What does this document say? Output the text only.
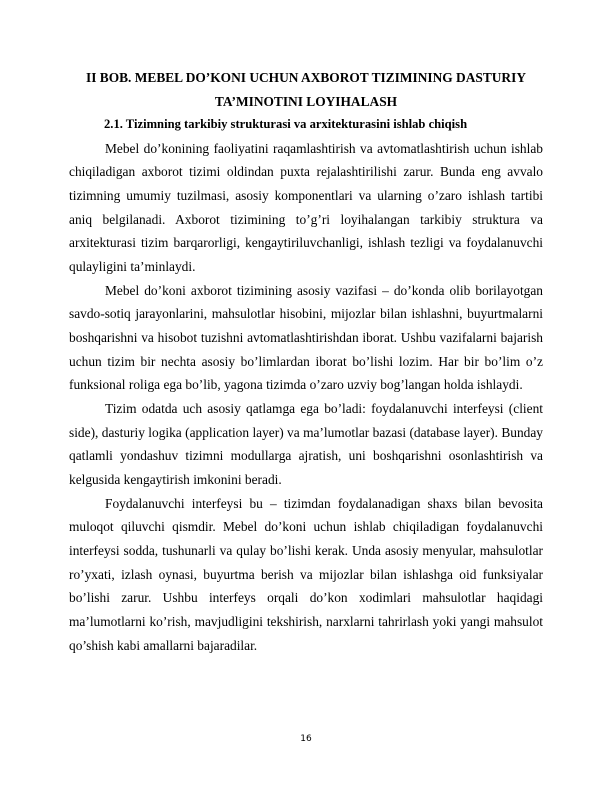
II BOB. MEBEL DO’KONI UCHUN AXBOROT TIZIMINING DASTURIY

TA’MINOTINI LOYIHALASH

2.1. Tizimning tarkibiy strukturasi va arxitekturasini ishlab chiqish

Mebel do’konining faoliyatini raqamlashtirish va avtomatlashtirish uchun ishlab chiqiladigan axborot tizimi oldindan puxta rejalashtirilishi zarur. Bunda eng avvalo tizimning umumiy tuzilmasi, asosiy komponentlari va ularning o’zaro ishlash tartibi aniq belgilanadi. Axborot tizimining to’g’ri loyihalangan tarkibiy struktura va arxitekturasi tizim barqarorligi, kengaytiriluvchanligi, ishlash tezligi va foydalanuvchi qulayligini ta’minlaydi.

Mebel do’koni axborot tizimining asosiy vazifasi – do’konda olib borilayotgan savdo-sotiq jarayonlarini, mahsulotlar hisobini, mijozlar bilan ishlashni, buyurtmalarni boshqarishni va hisobot tuzishni avtomatlashtirishdan iborat. Ushbu vazifalarni bajarish uchun tizim bir nechta asosiy bo’limlardan iborat bo’lishi lozim. Har bir bo’lim o’z funksional roliga ega bo’lib, yagona tizimda o’zaro uzviy bog’langan holda ishlaydi.

Tizim odatda uch asosiy qatlamga ega bo’ladi: foydalanuvchi interfeysi (client side), dasturiy logika (application layer) va ma’lumotlar bazasi (database layer). Bunday qatlamli yondashuv tizimni modullarga ajratish, uni boshqarishni osonlashtirish va kelgusida kengaytirish imkonini beradi.

Foydalanuvchi interfeysi bu – tizimdan foydalanadigan shaxs bilan bevosita muloqot qiluvchi qismdir. Mebel do’koni uchun ishlab chiqiladigan foydalanuvchi interfeysi sodda, tushunarli va qulay bo’lishi kerak. Unda asosiy menyular, mahsulotlar ro’yxati, izlash oynasi, buyurtma berish va mijozlar bilan ishlashga oid funksiyalar bo’lishi zarur. Ushbu interfeys orqali do’kon xodimlari mahsulotlar haqidagi ma’lumotlarni ko’rish, mavjudligini tekshirish, narxlarni tahrirlash yoki yangi mahsulot qo’shish kabi amallarni bajaradilar.

16
